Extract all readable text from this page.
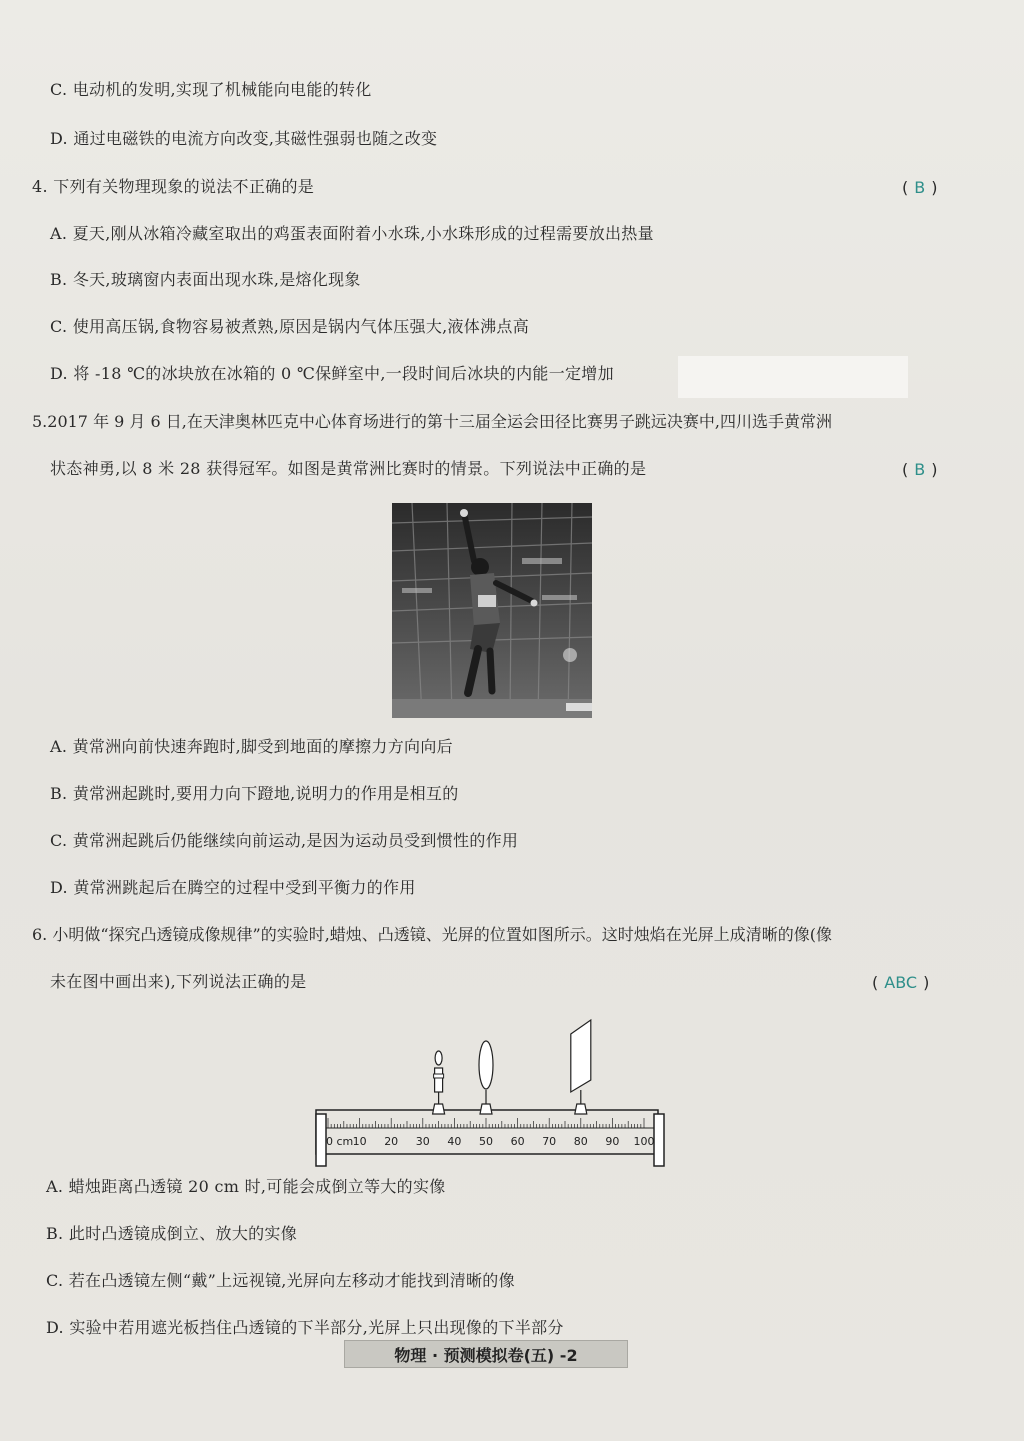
C. 电动机的发明,实现了机械能向电能的转化
D. 通过电磁铁的电流方向改变,其磁性强弱也随之改变
4. 下列有关物理现象的说法不正确的是	( B )
A. 夏天,刚从冰箱冷藏室取出的鸡蛋表面附着小水珠,小水珠形成的过程需要放出热量
B. 冬天,玻璃窗内表面出现水珠,是熔化现象
C. 使用高压锅,食物容易被煮熟,原因是锅内气体压强大,液体沸点高
D. 将 -18 ℃的冰块放在冰箱的 0 ℃保鲜室中,一段时间后冰块的内能一定增加
5.2017 年 9 月 6 日,在天津奥林匹克中心体育场进行的第十三届全运会田径比赛男子跳远决赛中,四川选手黄常洲
状态神勇,以 8 米 28 获得冠军。如图是黄常洲比赛时的情景。下列说法中正确的是	( B )
A. 黄常洲向前快速奔跑时,脚受到地面的摩擦力方向向后
B. 黄常洲起跳时,要用力向下蹬地,说明力的作用是相互的
C. 黄常洲起跳后仍能继续向前运动,是因为运动员受到惯性的作用
D. 黄常洲跳起后在腾空的过程中受到平衡力的作用
6. 小明做“探究凸透镜成像规律”的实验时,蜡烛、凸透镜、光屏的位置如图所示。这时烛焰在光屏上成清晰的像(像
未在图中画出来),下列说法正确的是	( ABC )
0 cm 10 20 30 40 50 60 70 80 90 100
A. 蜡烛距离凸透镜 20 cm 时,可能会成倒立等大的实像
B. 此时凸透镜成倒立、放大的实像
C. 若在凸透镜左侧“戴”上远视镜,光屏向左移动才能找到清晰的像
D. 实验中若用遮光板挡住凸透镜的下半部分,光屏上只出现像的下半部分
物理 · 预测模拟卷(五) -2
